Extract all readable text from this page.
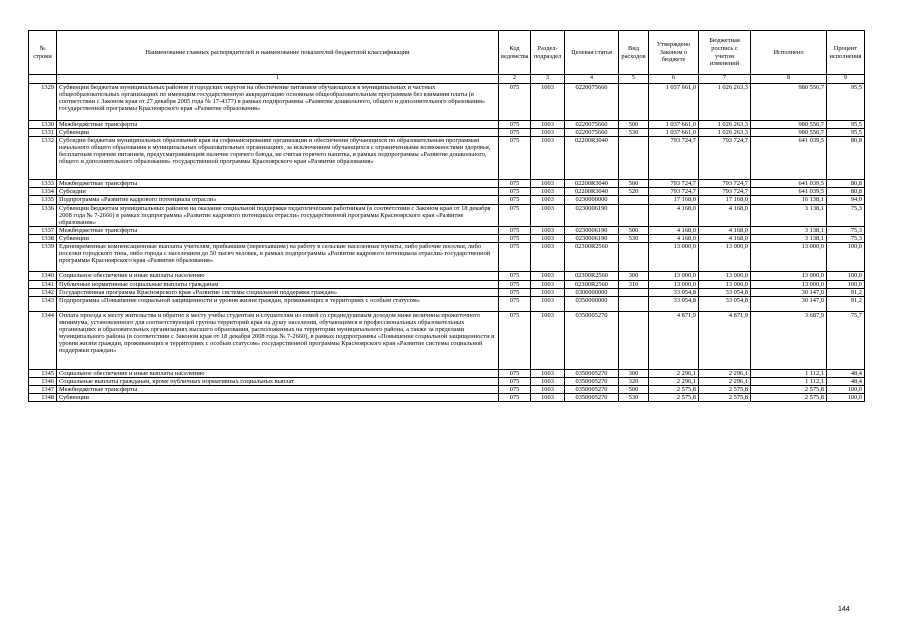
№ строки	Наименование главных распорядителей и наименование показателей бюджетной классификации	Код ведомства	Раздел-подраздел	Целевая статья	Вид расходов	Утверждено Законом о бюджете	Бюджетная роспись с учетом изменений	Исполнено	Процент исполнения
	1	2	3	4	5	6	7	8	9
1329	Субвенции бюджетам муниципальных районов и городских округов на обеспечение питанием обучающихся в муниципальных и частных общеобразовательных организациях по имеющим государственную аккредитацию основным общеобразовательным программам без взимания платы (в соответствии с Законом края от 27 декабря 2005 года № 17-4377) в рамках подпрограммы «Развитие дошкольного, общего и дополнительного образования» государственной программы Красноярского края «Развитие образования»	075	1003	0220075660		1 037 661,0	1 026 263,3	980 556,7	95,5
1330	Межбюджетные трансферты	075	1003	0220075660	500	1 037 661,0	1 026 263,3	980 556,7	95,5
1331	Субвенции	075	1003	0220075660	530	1 037 661,0	1 026 263,3	980 556,7	95,5
1332	Субсидии бюджетам муниципальных образований края на софинансирование организации и обеспечения обучающихся по образовательным программам начального общего образования в муниципальных образовательных организациях, за исключением обучающихся с ограниченными возможностями здоровья, бесплатным горячим питанием, предусматривающим наличие горячего блюда, не считая горячего напитка, в рамках подпрограммы «Развитие дошкольного, общего и дополнительного образования» государственной программы Красноярского края «Развитие образования»	075	1003	02200R3040		793 724,7	793 724,7	641 039,5	80,8
1333	Межбюджетные трансферты	075	1003	02200R3040	500	793 724,7	793 724,7	641 039,5	80,8
1334	Субсидии	075	1003	02200R3040	520	793 724,7	793 724,7	641 039,5	80,8
1335	Подпрограмма «Развитие кадрового потенциала отрасли»	075	1003	0230000000		17 168,0	17 168,0	16 138,1	94,0
1336	Субвенции бюджетам муниципальных районов на оказание социальной поддержки педагогическим работникам (в соответствии с Законом края от 18 декабря 2008 года № 7-2666) в рамках подпрограммы «Развитие кадрового потенциала отрасли» государственной программы Красноярского края «Развитие образования»	075	1003	0230006190		4 168,0	4 168,0	3 138,1	75,3
1337	Межбюджетные трансферты	075	1003	0230006190	500	4 168,0	4 168,0	3 138,1	75,3
1338	Субвенции	075	1003	0230006190	530	4 168,0	4 168,0	3 138,1	75,3
1339	Единовременные компенсационные выплаты учителям, прибывшим (переехавшим) на работу в сельские населенные пункты, либо рабочие поселки, либо поселки городского типа, либо города с населением до 50 тысяч человек, в рамках подпрограммы «Развитие кадрового потенциала отрасли» государственной программы Красноярского края «Развитие образования»	075	1003	02300R2560		13 000,0	13 000,0	13 000,0	100,0
1340	Социальное обеспечение и иные выплаты населению	075	1003	02300R2560	300	13 000,0	13 000,0	13 000,0	100,0
1341	Публичные нормативные социальные выплаты гражданам	075	1003	02300R2560	310	13 000,0	13 000,0	13 000,0	100,0
1342	Государственная программа Красноярского края «Развитие системы социальной поддержки граждан»	075	1003	0300000000		33 054,8	33 054,8	30 147,0	91,2
1343	Подпрограмма «Повышение социальной защищенности и уровня жизни граждан, проживающих в территориях с особым статусом»	075	1003	0350000000		33 054,8	33 054,8	30 147,0	91,2
1344	Оплата проезда к месту жительства и обратно к месту учебы студентам и слушателям из семей со среднедушевым доходом ниже величины прожиточного минимума, установленного для соответствующей группы территорий края на душу населения, обучающимся в профессиональных образовательных организациях и образовательных организациях высшего образования, расположенных на территории муниципального района, а также за пределами муниципального района (в соответствии с Законом края от 18 декабря 2008 года № 7-2660), в рамках подпрограммы «Повышение социальной защищенности и уровня жизни граждан, проживающих в территориях с особым статусом» государственной программы Красноярского края «Развитие системы социальной поддержки граждан»	075	1003	0350005270		4 871,9	4 871,9	3 687,9	75,7
1345	Социальное обеспечение и иные выплаты населению	075	1003	0350005270	300	2 296,1	2 296,1	1 112,1	48,4
1346	Социальные выплаты гражданам, кроме публичных нормативных социальных выплат	075	1003	0350005270	320	2 296,1	2 296,1	1 112,1	48,4
1347	Межбюджетные трансферты	075	1003	0350005270	500	2 575,8	2 575,8	2 575,8	100,0
1348	Субвенции	075	1003	0350005270	530	2 575,8	2 575,8	2 575,8	100,0
144
